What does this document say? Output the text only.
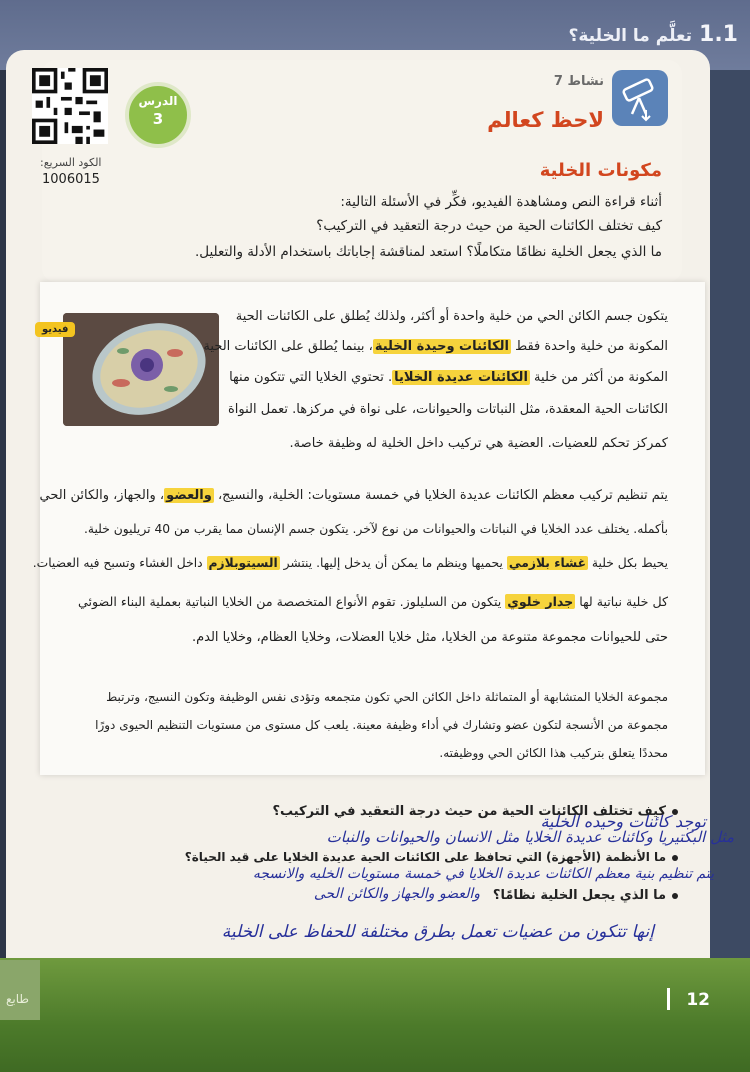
1.1
تعلَّم ما الخلية؟
طابع	12
نشاط 7
لاحظ كعالم
الدرس
3
الكود السريع:
1006015	مكونات الخلية
أثناء قراءة النص ومشاهدة الفيديو، فكِّر في الأسئلة التالية:
كيف تختلف الكائنات الحية من حيث درجة التعقيد في التركيب؟
ما الذي يجعل الخلية نظامًا متكاملًا؟ استعد لمناقشة إجاباتك باستخدام الأدلة والتعليل.
فيديو
يتكون جسم الكائن الحي من خلية واحدة أو أكثر، ولذلك يُطلق على الكائنات الحية
المكونة من خلية واحدة فقط الكائنات وحيدة الخلية، بينما يُطلق على الكائنات الحية
المكونة من أكثر من خلية الكائنات عديدة الخلايا. تحتوي الخلايا التي تتكون منها
الكائنات الحية المعقدة، مثل النباتات والحيوانات، على نواة في مركزها. تعمل النواة
كمركز تحكم للعضيات. العضية هي تركيب داخل الخلية له وظيفة خاصة.
يتم تنظيم تركيب معظم الكائنات عديدة الخلايا في خمسة مستويات: الخلية، والنسيج، والعضو، والجهاز، والكائن الحي
بأكمله. يختلف عدد الخلايا في النباتات والحيوانات من نوع لآخر. يتكون جسم الإنسان مما يقرب من 40 تريليون خلية.
يحيط بكل خلية غشاء بلازمي يحميها وينظم ما يمكن أن يدخل إليها. ينتشر السيتوبلازم داخل الغشاء وتسبح فيه العضيات.
كل خلية نباتية لها جدار خلوي يتكون من السليلوز. تقوم الأنواع المتخصصة من الخلايا النباتية بعملية البناء الضوئي
حتى للحيوانات مجموعة متنوعة من الخلايا، مثل خلايا العضلات، وخلايا العظام، وخلايا الدم.
مجموعة الخلايا المتشابهة أو المتماثلة داخل الكائن الحي تكون متجمعه وتؤدى نفس الوظيفة وتكون النسيج، وترتبط
مجموعة من الأنسجة لتكون عضو وتشارك في أداء وظيفة معينة. يلعب كل مستوى من مستويات التنظيم الحيوى دورًا
محددًا يتعلق بتركيب هذا الكائن الحي ووظيفته.
كيف تختلف الكائنات الحية من حيث درجة التعقيد في التركيب؟
ما الأنظمة (الأجهزة) التي تحافظ على الكائنات الحية عديدة الخلايا على قيد الحياة؟
ما الذي يجعل الخلية نظامًا؟
توجد كائنات وحيده الخلية
مثل البكتيريا وكائنات عديدة الخلايا مثل الانسان والحيوانات والنبات
يتم تنظيم بنية معظم الكائنات عديدة الخلايا في خمسة مستويات الخليه والانسجه
والعضو والجهاز والكائن الحى
إنها تتكون من عضيات تعمل بطرق مختلفة للحفاظ على الخلية
